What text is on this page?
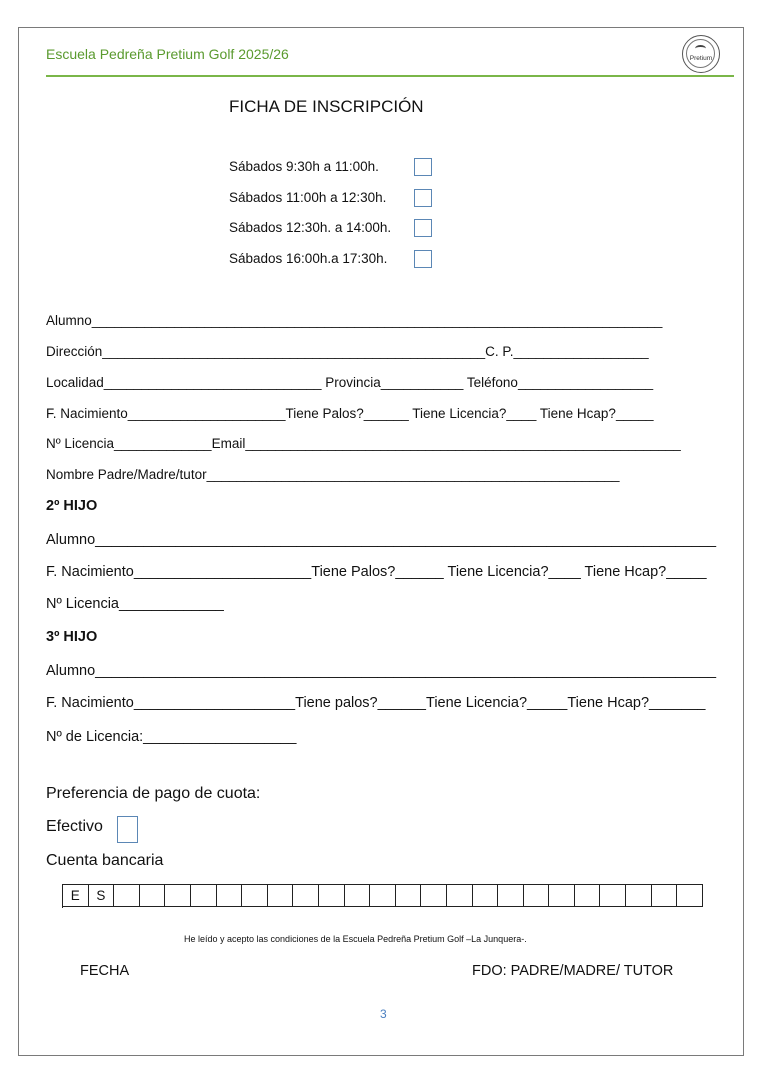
Escuela Pedreña Pretium Golf 2025/26	Pretium
FICHA DE INSCRIPCIÓN
Sábados 9:30h a 11:00h.
Sábados 11:00h a 12:30h.
Sábados 12:30h. a 14:00h.
Sábados 16:00h.a 17:30h.
Alumno____________________________________________________________________________
Dirección___________________________________________________C. P.__________________
Localidad_____________________________ Provincia___________ Teléfono__________________
F. Nacimiento_____________________Tiene Palos?______ Tiene Licencia?____ Tiene Hcap?_____
Nº Licencia_____________Email__________________________________________________________
Nombre Padre/Madre/tutor_______________________________________________________
2º HIJO
Alumno_____________________________________________________________________________
F. Nacimiento______________________Tiene Palos?______ Tiene Licencia?____ Tiene Hcap?_____
Nº Licencia_____________
3º HIJO
Alumno_____________________________________________________________________________
F. Nacimiento____________________Tiene palos?______Tiene Licencia?_____Tiene Hcap?_______
Nº de Licencia:___________________
Preferencia de pago de cuota:
Efectivo
Cuenta bancaria
E	S
He leído y acepto las condiciones de la Escuela Pedreña Pretium Golf –La Junquera-.
FECHA	FDO: PADRE/MADRE/ TUTOR
3
